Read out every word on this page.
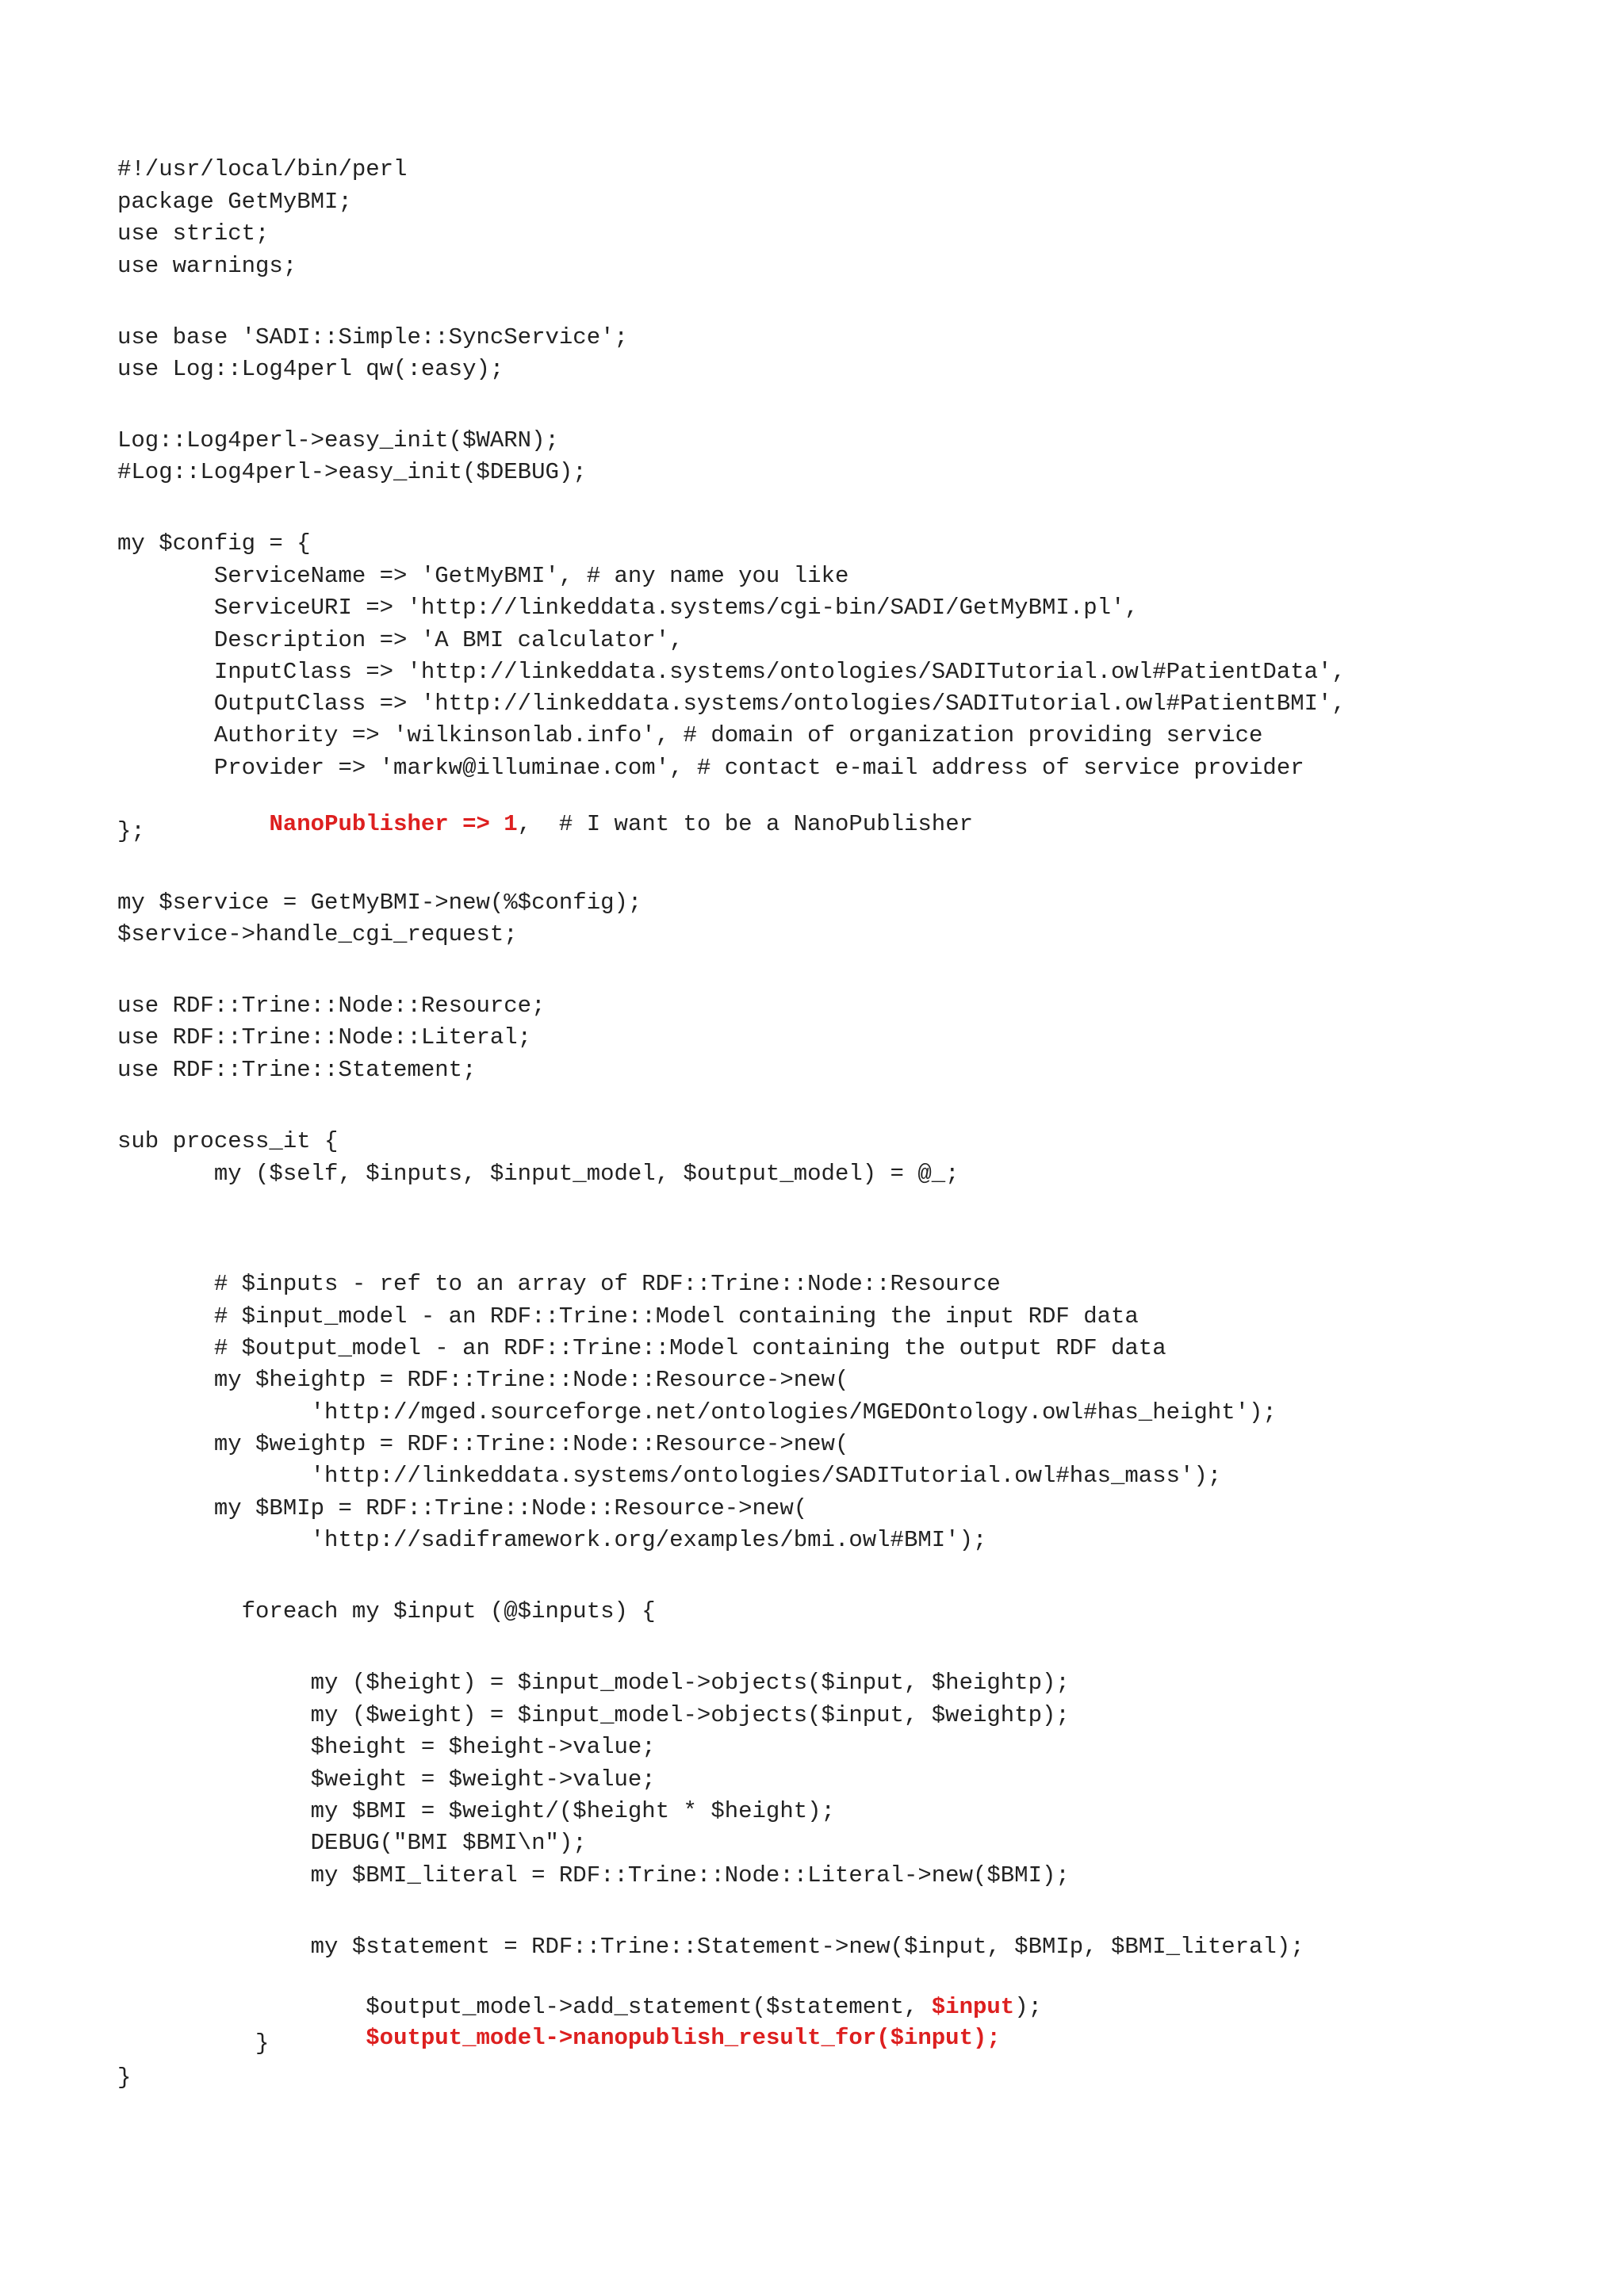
#!/usr/local/bin/perl
package GetMyBMI;
use strict;
use warnings;
use base 'SADI::Simple::SyncService';
use Log::Log4perl qw(:easy);
Log::Log4perl->easy_init($WARN);
#Log::Log4perl->easy_init($DEBUG);
my $config = {
ServiceName => 'GetMyBMI', # any name you like
ServiceURI => 'http://linkeddata.systems/cgi-bin/SADI/GetMyBMI.pl',
Description => 'A BMI calculator',
InputClass => 'http://linkeddata.systems/ontologies/SADITutorial.owl#PatientData',
OutputClass => 'http://linkeddata.systems/ontologies/SADITutorial.owl#PatientBMI',
Authority => 'wilkinsonlab.info', # domain of organization providing service
Provider => 'markw@illuminae.com', # contact e-mail address of service provider

NanoPublisher => 1,  # I want to be a NanoPublisher

};
my $service = GetMyBMI->new(%$config);
$service->handle_cgi_request;
use RDF::Trine::Node::Resource;
use RDF::Trine::Node::Literal;
use RDF::Trine::Statement;
sub process_it {
my ($self, $inputs, $input_model, $output_model) = @_;
# $inputs - ref to an array of RDF::Trine::Node::Resource
# $input_model - an RDF::Trine::Model containing the input RDF data
# $output_model - an RDF::Trine::Model containing the output RDF data
my $heightp = RDF::Trine::Node::Resource->new(
'http://mged.sourceforge.net/ontologies/MGEDOntology.owl#has_height');
my $weightp = RDF::Trine::Node::Resource->new(
'http://linkeddata.systems/ontologies/SADITutorial.owl#has_mass');
my $BMIp = RDF::Trine::Node::Resource->new(
'http://sadiframework.org/examples/bmi.owl#BMI');
foreach my $input (@$inputs) {
my ($height) = $input_model->objects($input, $heightp);
my ($weight) = $input_model->objects($input, $weightp);
$height = $height->value;
$weight = $weight->value;
my $BMI = $weight/($height * $height);
DEBUG("BMI $BMI\n");
my $BMI_literal = RDF::Trine::Node::Literal->new($BMI);
my $statement = RDF::Trine::Statement->new($input, $BMIp, $BMI_literal);

$output_model->add_statement($statement, $input);

$output_model->nanopublish_result_for($input);

}
}
